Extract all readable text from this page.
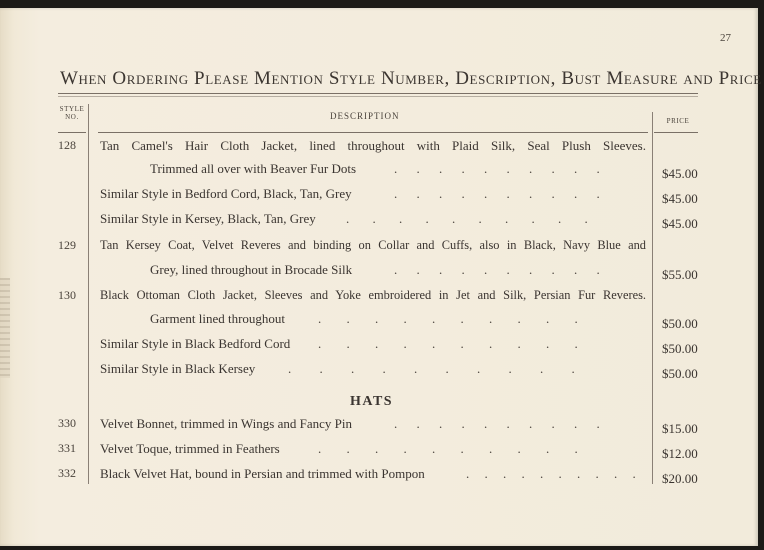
27
When Ordering Please Mention Style Number, Description, Bust Measure and Price
STYLE
NO.	DESCRIPTION	PRICE
128 Tan Camel's Hair Cloth Jacket, lined throughout with Plaid Silk, Seal Plush Sleeves.
Trimmed all over with Beaver Fur Dots	. . . . . . . . . .	$45.00
Similar Style in Bedford Cord, Black, Tan, Grey	. . . . . . . . . .	$45.00
Similar Style in Kersey, Black, Tan, Grey . . . . . . . . . .	$45.00
129 Tan Kersey Coat, Velvet Reveres and binding on Collar and Cuffs, also in Black, Navy Blue and
Grey, lined throughout in Brocade Silk	. . . . . . . . . .	$55.00
130 Black Ottoman Cloth Jacket, Sleeves and Yoke embroidered in Jet and Silk, Persian Fur Reveres.
Garment lined throughout	. . . . . . . . . .	$50.00
Similar Style in Black Bedford Cord . . . . . . . . . .	$50.00
Similar Style in Black Kersey	. . . . . . . . . .	$50.00
HATS
330 Velvet Bonnet, trimmed in Wings and Fancy Pin	. . . . . . . . . .	$15.00
331 Velvet Toque, trimmed in Feathers	. . . . . . . . . .	$12.00
332 Black Velvet Hat, bound in Persian and trimmed with Pompon	. . . . . . . . . . $20.00
